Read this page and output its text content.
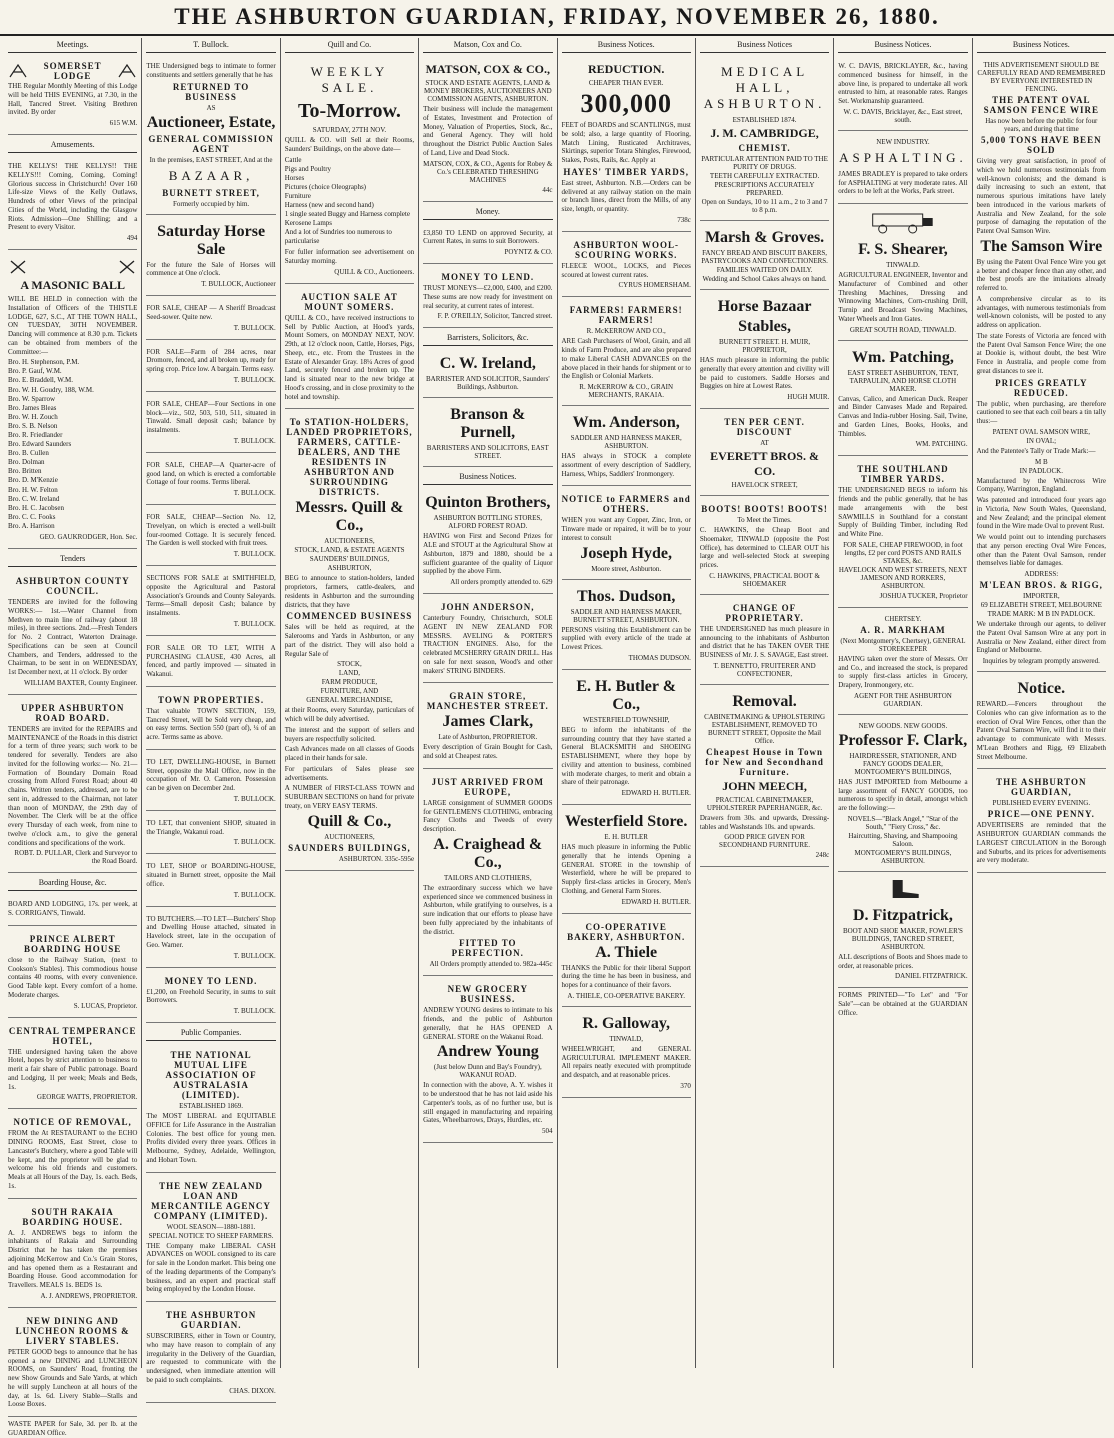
THE ASHBURTON GUARDIAN, FRIDAY, NOVEMBER 26, 1880.
Meetings.
SOMERSET LODGE
THE Regular Monthly Meeting of this Lodge will be held THIS EVENING, at 7.30, in the Hall, Tancred Street. Visiting Brethren invited. By order
615 W.M.
Amusements.
THE KELLYS! THE KELLYS!! THE KELLYS!!! Coming, Coming, Coming! Glorious success in Christchurch! Over 160 Life-size Views of the Kelly Outlaws, Hundreds of other Views of the principal Cities of the World, including the Glasgow Riots. Admission—One Shilling; and a Present to every Visitor.
494
A MASONIC BALL
WILL BE HELD in connection with the Installation of Officers of the THISTLE LODGE, 627, S.C., AT THE TOWN HALL, ON TUESDAY, 30TH NOVEMBER. Dancing will commence at 8.30 p.m. Tickets can be obtained from members of the Committee:—
Bro. H. Stephenson, P.M.
Bro. P. Gauf, W.M.
Bro. E. Braddell, W.M.
Bro. W. H. Goudry, 188, W.M.
Bro. W. Sparrow
Bro. James Bleas
Bro. W. H. Zouch
Bro. S. B. Nelson
Bro. R. Friedlander
Bro. Edward Saunders
Bro. B. Cullen
Bro. Dolman
Bro. Britten
Bro. D. M'Kenzie
Bro. H. W. Felton
Bro. C. W. Ireland
Bro. H. C. Jacobsen
Bro. C. C. Fooks
Bro. A. Harrison
GEO. GAUKRODGER, Hon. Sec.
Tenders
ASHBURTON COUNTY COUNCIL.
TENDERS are invited for the following WORKS:— 1st.—Water Channel from Methven to main line of railway (about 18 miles), in three sections. 2nd.—Fresh Tenders for No. 2 Contract, Waterton Drainage. Specifications can be seen at Council Chambers, and Tenders, addressed to the Chairman, to be sent in on WEDNESDAY, 1st December next, at 11 o'clock. By order
WILLIAM BAXTER, County Engineer.
UPPER ASHBURTON ROAD BOARD.
TENDERS are invited for the REPAIRS and MAINTENANCE of the Roads in this district for a term of three years; such work to be tendered for severally. Tenders are also invited for the following works:— No. 21—Formation of Boundary Domain Road crossing from Alford Forest Road; about 40 chains. Written tenders, addressed, are to be sent in, addressed to the Chairman, not later than noon of MONDAY, the 29th day of November. The Clerk will be at the office every Thursday of each week, from nine to twelve o'clock a.m., to give the general conditions and specifications of the work.
ROBT. D. PULLAR, Clerk and Surveyor to the Road Board.
Boarding House, &c.
BOARD AND LODGING, 17s. per week, at S. CORRIGAN'S, Tinwald.
PRINCE ALBERT BOARDING HOUSE
close to the Railway Station, (next to Cookson's Stables). This commodious house contains 40 rooms, with every convenience. Good Table kept. Every comfort of a home. Moderate charges.
S. LUCAS, Proprietor.
CENTRAL TEMPERANCE HOTEL,
THE undersigned having taken the above Hotel, hopes by strict attention to business to merit a fair share of Public patronage. Board and Lodging, 1l per week; Meals and Beds, 1s.
GEORGE WATTS, PROPRIETOR.
NOTICE OF REMOVAL,
FROM the At RESTAURANT to the ECHO DINING ROOMS, East Street, close to Lancaster's Butchery, where a good Table will be kept, and the proprietor will be glad to welcome his old friends and customers. Meals at all Hours of the Day, 1s. each. Beds, 1s.
SOUTH RAKAIA BOARDING HOUSE.
A. J. ANDREWS begs to inform the inhabitants of Rakaia and Surrounding District that he has taken the premises adjoining McKerrow and Co.'s Grain Stores, and has opened them as a Restaurant and Boarding House. Good accommodation for Travellers. MEALS 1s. BEDS 1s.
A. J. ANDREWS, PROPRIETOR.
NEW DINING AND LUNCHEON ROOMS & LIVERY STABLES.
PETER GOOD begs to announce that he has opened a new DINING and LUNCHEON ROOMS, on Saunders' Road, fronting the new Show Grounds and Sale Yards, at which he will supply Luncheon at all hours of the day, at 1s. 6d. Livery Stable—Stalls and Loose Boxes.
WASTE PAPER for Sale, 3d. per lb. at the GUARDIAN Office.
T. Bullock.
THE Undersigned begs to intimate to former constituents and settlers generally that he has
RETURNED TO BUSINESS
AS
Auctioneer, Estate,
GENERAL COMMISSION AGENT
In the premises, EAST STREET, And at the
BAZAAR,
BURNETT STREET,
Formerly occupied by him.
Saturday Horse Sale
For the future the Sale of Horses will commence at One o'clock.
T. BULLOCK, Auctioneer
FOR SALE, CHEAP — A Sheriff Broadcast Seed-sower. Quite new.
T. BULLOCK.
FOR SALE—Farm of 284 acres, near Dromore, fenced, and all broken up, ready for spring crop. Price low. A bargain. Terms easy.
T. BULLOCK.
FOR SALE, CHEAP—Four Sections in one block—viz., 502, 503, 510, 511, situated in Tinwald. Small deposit cash; balance by instalments.
T. BULLOCK.
FOR SALE, CHEAP—A Quarter-acre of good land, on which is erected a comfortable Cottage of four rooms. Terms liberal.
T. BULLOCK.
FOR SALE, CHEAP—Section No. 12, Trevelyan, on which is erected a well-built four-roomed Cottage. It is securely fenced. The Garden is well stocked with fruit trees.
T. BULLOCK.
SECTIONS FOR SALE at SMITHFIELD, opposite the Agricultural and Pastoral Association's Grounds and County Saleyards. Terms—Small deposit Cash; balance by instalments.
T. BULLOCK.
FOR SALE OR TO LET, WITH A PURCHASING CLAUSE, 430 Acres, all fenced, and partly improved — situated in Wakanui.
TOWN PROPERTIES.
That valuable TOWN SECTION, 159, Tancred Street, will be Sold very cheap, and on easy terms. Section 550 (part of), ¼ of an acre. Terms same as above.
TO LET, DWELLING-HOUSE, in Burnett Street, opposite the Mail Office, now in the occupation of Mr. O. Cameron. Possession can be given on December 2nd.
T. BULLOCK.
TO LET, that convenient SHOP, situated in the Triangle, Wakanui road.
T. BULLOCK.
TO LET, SHOP or BOARDING-HOUSE, situated in Burnett street, opposite the Mail office.
T. BULLOCK.
TO BUTCHERS.—TO LET—Butchers' Shop and Dwelling House attached, situated in Havelock street, late in the occupation of Geo. Warner.
T. BULLOCK.
MONEY TO LEND.
£1,200, on Freehold Security, in sums to suit Borrowers.
T. BULLOCK.
Public Companies.
THE NATIONAL MUTUAL LIFE ASSOCIATION OF AUSTRALASIA (LIMITED).
ESTABLISHED 1869.
The MOST LIBERAL and EQUITABLE OFFICE for Life Assurance in the Australian Colonies. The best office for young men. Profits divided every three years. Offices in Melbourne, Sydney, Adelaide, Wellington, and Hobart Town.
THE NEW ZEALAND LOAN AND MERCANTILE AGENCY COMPANY (LIMITED).
WOOL SEASON—1880-1881.
SPECIAL NOTICE TO SHEEP FARMERS.
THE Company make LIBERAL CASH ADVANCES on WOOL consigned to its care for sale in the London market. This being one of the leading departments of the Company's business, and an expert and practical staff being employed by the London House.
THE ASHBURTON GUARDIAN.
SUBSCRIBERS, either in Town or Country, who may have reason to complain of any irregularity in the Delivery of the Guardian, are requested to communicate with the undersigned, when immediate attention will be paid to such complaints.
CHAS. DIXON.
Quill and Co.
WEEKLY SALE.
To-Morrow.
SATURDAY, 27TH NOV.
QUILL & CO. will Sell at their Rooms, Saunders' Buildings, on the above date—
Cattle
Pigs and Poultry
Horses
Pictures (choice Oleographs)
Furniture
Harness (new and second hand)
1 single seated Buggy and Harness complete
Kerosene Lamps
And a lot of Sundries too numerous to particularise
For fuller information see advertisement on Saturday morning.
QUILL & CO., Auctioneers.
AUCTION SALE AT MOUNT SOMERS.
QUILL & CO., have received instructions to Sell by Public Auction, at Hood's yards, Mount Somers, on MONDAY NEXT, NOV. 29th, at 12 o'clock noon, Cattle, Horses, Pigs, Sheep, etc., etc. From the Trustees in the Estate of Alexander Gray. 18¼ Acres of good Land, securely fenced and broken up. The land is situated near to the new bridge at Hood's crossing, and in close proximity to the hotel and township.
To STATION-HOLDERS, LANDED PROPRIETORS, FARMERS, CATTLE-DEALERS, AND THE RESIDENTS IN ASHBURTON AND SURROUNDING DISTRICTS.
Messrs. Quill & Co.,
AUCTIONEERS,
STOCK, LAND, & ESTATE AGENTS
SAUNDERS' BUILDINGS,
ASHBURTON,
BEG to announce to station-holders, landed proprietors, farmers, cattle-dealers, and residents in Ashburton and the surrounding districts, that they have
COMMENCED BUSINESS
Sales will be held as required, at the Salerooms and Yards in Ashburton, or any part of the district. They will also hold a Regular Sale of
STOCK,
LAND,
FARM PRODUCE,
FURNITURE, AND
GENERAL MERCHANDISE,
at their Rooms, every Saturday, particulars of which will be duly advertised.
The interest and the support of sellers and buyers are respectfully solicited.
Cash Advances made on all classes of Goods placed in their hands for sale.
For particulars of Sales please see advertisements.
A NUMBER of FIRST-CLASS TOWN and SUBURBAN SECTIONS on hand for private treaty, on VERY EASY TERMS.
Quill & Co.,
AUCTIONEERS,
SAUNDERS BUILDINGS,
ASHBURTON. 335c-595e
Matson, Cox and Co.
MATSON, COX & CO.,
STOCK AND ESTATE AGENTS, LAND & MONEY BROKERS, AUCTIONEERS AND COMMISSION AGENTS, ASHBURTON.
Their business will include the management of Estates, Investment and Protection of Money, Valuation of Properties, Stock, &c., and General Agency. They will hold throughout the District Public Auction Sales of Land, Live and Dead Stock.
MATSON, COX, & CO., Agents for Robey & Co.'s CELEBRATED THRESHING MACHINES
44c
Money.
£3,850 TO LEND on approved Security, at Current Rates, in sums to suit Borrowers.
POYNTZ & CO.
MONEY TO LEND.
TRUST MONEYS—£2,000, £400, and £200. These sums are now ready for investment on real security, at current rates of interest.
F. P. O'REILLY, Solicitor, Tancred street.
Barristers, Solicitors, &c.
C. W. Ireland,
BARRISTER AND SOLICITOR, Saunders' Buildings, Ashburton.
Branson & Purnell,
BARRISTERS AND SOLICITORS, EAST STREET.
Business Notices.
Quinton Brothers,
ASHBURTON BOTTLING STORES, ALFORD FOREST ROAD.
HAVING won First and Second Prizes for ALE and STOUT at the Agricultural Show at Ashburton, 1879 and 1880, should be a sufficient guarantee of the quality of Liquor supplied by the above Firm.
All orders promptly attended to. 629
JOHN ANDERSON,
Canterbury Foundry, Christchurch, SOLE AGENT IN NEW ZEALAND FOR MESSRS. AVELING & PORTER'S TRACTION ENGINES. Also, for the celebrated MCSHERRY GRAIN DRILL. Has on sale for next season, Wood's and other makers' STRING BINDERS.
GRAIN STORE, MANCHESTER STREET.
James Clark,
Late of Ashburton, PROPRIETOR.
Every description of Grain Bought for Cash, and sold at Cheapest rates.
JUST ARRIVED FROM EUROPE,
LARGE consignment of SUMMER GOODS for GENTLEMEN'S CLOTHING, embracing Fancy Cloths and Tweeds of every description.
A. Craighead & Co.,
TAILORS AND CLOTHIERS,
The extraordinary success which we have experienced since we commenced business in Ashburton, while gratifying to ourselves, is a sure indication that our efforts to please have been fully appreciated by the inhabitants of the district.
FITTED TO PERFECTION.
All Orders promptly attended to. 982a-445c
NEW GROCERY BUSINESS.
ANDREW YOUNG desires to intimate to his friends, and the public of Ashburton generally, that he HAS OPENED A GENERAL STORE on the Wakanui Road.
Andrew Young
(Just below Dunn and Bay's Foundry), WAKANUI ROAD.
In connection with the above, A. Y. wishes it to be understood that he has not laid aside his Carpenter's tools, as of no further use, but is still engaged in manufacturing and repairing Gates, Wheelbarrows, Drays, Hurdles, etc.
504
Business Notices.
REDUCTION.
CHEAPER THAN EVER.
300,000
FEET of BOARDS and SCANTLINGS, must be sold; also, a large quantity of Flooring, Match Lining, Rusticated Architraves, Skirtings, superior Totara Shingles, Firewood, Stakes, Posts, Rails, &c. Apply at
HAYES' TIMBER YARDS,
East street, Ashburton. N.B.—Orders can be delivered at any railway station on the main or branch lines, direct from the Mills, of any size, length, or quantity.
738c
ASHBURTON WOOL-SCOURING WORKS.
FLEECE WOOL, LOCKS, and Pieces scoured at lowest current rates.
CYRUS HOMERSHAM.
FARMERS! FARMERS! FARMERS!
R. McKERROW AND CO.,
ARE Cash Purchasers of Wool, Grain, and all kinds of Farm Produce, and are also prepared to make Liberal CASH ADVANCES on the above placed in their hands for shipment or to the English or Colonial Markets.
R. McKERROW & CO., GRAIN MERCHANTS, RAKAIA.
Wm. Anderson,
SADDLER AND HARNESS MAKER, ASHBURTON.
HAS always in STOCK a complete assortment of every description of Saddlery, Harness, Whips, Saddlers' Ironmongery.
NOTICE to FARMERS and OTHERS.
WHEN you want any Copper, Zinc, Iron, or Tinware made or repaired, it will be to your interest to consult
Joseph Hyde,
Moore street, Ashburton.
Thos. Dudson,
SADDLER AND HARNESS MAKER, BURNETT STREET, ASHBURTON.
PERSONS visiting this Establishment can be supplied with every article of the trade at Lowest Prices.
THOMAS DUDSON.
E. H. Butler & Co.,
WESTERFIELD TOWNSHIP,
BEG to inform the inhabitants of the surrounding country that they have started a General BLACKSMITH and SHOEING ESTABLISHMENT, where they hope by civility and attention to business, combined with moderate charges, to merit and obtain a share of their patronage.
EDWARD H. BUTLER.
Westerfield Store.
E. H. BUTLER
HAS much pleasure in informing the Public generally that he intends Opening a GENERAL STORE in the township of Westerfield, where he will be prepared to Supply first-class articles in Grocery, Men's Clothing, and General Farm Stores.
EDWARD H. BUTLER.
CO-OPERATIVE BAKERY, ASHBURTON.
A. Thiele
THANKS the Public for their liberal Support during the time he has been in business, and hopes for a continuance of their favors.
A. THIELE, CO-OPERATIVE BAKERY.
R. Galloway,
TINWALD,
WHEELWRIGHT, and GENERAL AGRICULTURAL IMPLEMENT MAKER. All repairs neatly executed with promptitude and despatch, and at reasonable prices.
370
Business Notices
MEDICAL HALL, ASHBURTON.
ESTABLISHED 1874.
J. M. CAMBRIDGE,
CHEMIST.
PARTICULAR ATTENTION PAID TO THE PURITY OF DRUGS.
TEETH CAREFULLY EXTRACTED.
PRESCRIPTIONS ACCURATELY PREPARED.
Open on Sundays, 10 to 11 a.m., 2 to 3 and 7 to 8 p.m.
Marsh & Groves.
FANCY BREAD AND BISCUIT BAKERS, PASTRYCOOKS AND CONFECTIONERS.
FAMILIES WAITED ON DAILY.
Wedding and School Cakes always on hand.
Horse Bazaar
Stables,
BURNETT STREET. H. MUIR, PROPRIETOR,
HAS much pleasure in informing the public generally that every attention and civility will be paid to customers. Saddle Horses and Buggies on hire at Lowest Rates.
HUGH MUIR.
TEN PER CENT. DISCOUNT
AT
EVERETT BROS. & CO.
HAVELOCK STREET,
BOOTS! BOOTS! BOOTS!
To Meet the Times.
C. HAWKINS, the Cheap Boot and Shoemaker, TINWALD (opposite the Post Office), has determined to CLEAR OUT his large and well-selected Stock at sweeping prices.
C. HAWKINS, PRACTICAL BOOT & SHOEMAKER
CHANGE OF PROPRIETARY.
THE UNDERSIGNED has much pleasure in announcing to the inhabitants of Ashburton and district that he has TAKEN OVER THE BUSINESS of Mr. J. S. SAVAGE, East street.
T. BENNETTO, FRUITERER AND CONFECTIONER,
Removal.
CABINETMAKING & UPHOLSTERING ESTABLISHMENT, REMOVED TO BURNETT STREET, Opposite the Mail Office.
Cheapest House in Town for New and Secondhand Furniture.
JOHN MEECH,
PRACTICAL CABINETMAKER, UPHOLSTERER PAPERHANGER, &c.
Drawers from 30s. and upwards, Dressing-tables and Washstands 10s. and upwards.
GOOD PRICE GIVEN FOR SECONDHAND FURNITURE.
248c
Business Notices.
W. C. DAVIS, BRICKLAYER, &c., having commenced business for himself, in the above line, is prepared to undertake all work entrusted to him, at reasonable rates. Ranges Set. Workmanship guaranteed.
W. C. DAVIS, Bricklayer, &c., East street, south.
NEW INDUSTRY.
ASPHALTING.
JAMES BRADLEY is prepared to take orders for ASPHALTING at very moderate rates. All orders to be left at the Works, Park street.
F. S. Shearer,
TINWALD.
AGRICULTURAL ENGINEER, Inventor and Manufacturer of Combined and other Threshing Machines, Dressing and Winnowing Machines, Corn-crushing Drill, Turnip and Broadcast Sowing Machines, Water Wheels and Iron Gates.
GREAT SOUTH ROAD, TINWALD.
Wm. Patching,
EAST STREET ASHBURTON, TENT, TARPAULIN, AND HORSE CLOTH MAKER.
Canvas, Calico, and American Duck. Reaper and Binder Canvases Made and Repaired. Canvas and India-rubber Hosing. Sail, Twine, and Garden Lines, Books, Hooks, and Thimbles.
WM. PATCHING.
THE SOUTHLAND TIMBER YARDS.
THE UNDERSIGNED BEGS to inform his friends and the public generally, that he has made arrangements with the best SAWMILLS in Southland for a constant Supply of Building Timber, including Red and White Pine.
FOR SALE, CHEAP FIREWOOD, in foot lengths, £2 per cord POSTS AND RAILS STAKES, &c.
HAVELOCK AND WEST STREETS, NEXT JAMESON AND RORKERS, ASHBURTON.
JOSHUA TUCKER, Proprietor
CHERTSEY.
A. R. MARKHAM
(Next Montgomery's, Chertsey), GENERAL STOREKEEPER
HAVING taken over the store of Messrs. Orr and Co., and increased the stock, is prepared to supply first-class articles in Grocery, Drapery, Ironmongery, etc.
AGENT FOR THE ASHBURTON GUARDIAN.
NEW GOODS. NEW GOODS.
Professor F. Clark,
HAIRDRESSER, STATIONER, AND FANCY GOODS DEALER, MONTGOMERY'S BUILDINGS,
HAS JUST IMPORTED from Melbourne a large assortment of FANCY GOODS, too numerous to specify in detail, amongst which are the following:—
NOVELS—"Black Angel," "Star of the South," "Fiery Cross," &c.
Haircutting, Shaving, and Shampooing Saloon.
MONTGOMERY'S BUILDINGS, ASHBURTON.
D. Fitzpatrick,
BOOT AND SHOE MAKER, FOWLER'S BUILDINGS, TANCRED STREET, ASHBURTON.
ALL descriptions of Boots and Shoes made to order, at reasonable prices.
DANIEL FITZPATRICK.
FORMS PRINTED—"To Let" and "For Sale"—can be obtained at the GUARDIAN Office.
Business Notices.
THIS ADVERTISEMENT SHOULD BE CAREFULLY READ AND REMEMBERED BY EVERYONE INTERESTED IN FENCING.
THE PATENT OVAL SAMSON FENCE WIRE
Has now been before the public for four years, and during that time
5,000 TONS HAVE BEEN SOLD
Giving very great satisfaction, in proof of which we hold numerous testimonials from well-known colonists; and the demand is daily increasing to such an extent, that numerous spurious imitations have lately been introduced in the various markets of Australia and New Zealand, for the sole purpose of damaging the reputation of the Patent Oval Samson Wire.
The Samson Wire
By using the Patent Oval Fence Wire you get a better and cheaper fence than any other, and the best proofs are the imitations already referred to.
A comprehensive circular as to its advantages, with numerous testimonials from well-known colonists, will be posted to any address on application.
The state Forests of Victoria are fenced with the Patent Oval Samson Fence Wire; the one at Dookie is, without doubt, the best Wire Fence in Australia, and people come from great distances to see it.
PRICES GREATLY REDUCED.
The public, when purchasing, are therefore cautioned to see that each coil bears a tin tally thus:—
PATENT OVAL SAMSON WIRE,
IN OVAL;
And the Patentee's Tally or Trade Mark:—
M B
IN PADLOCK.
Manufactured by the Whitecross Wire Company, Warrington, England.
Was patented and introduced four years ago in Victoria, New South Wales, Queensland, and New Zealand; and the principal element found in the Wire made Oval to prevent Rust.
We would point out to intending purchasers that any person erecting Oval Wire Fences, other than the Patent Oval Samson, render themselves liable for damages.
ADDRESS:
M'LEAN BROS. & RIGG,
IMPORTER,
69 ELIZABETH STREET, MELBOURNE
TRADE MARK: M B IN PADLOCK.
We undertake through our agents, to deliver the Patent Oval Samson Wire at any port in Australia or New Zealand, either direct from England or Melbourne.
Inquiries by telegram promptly answered.
Notice.
REWARD.—Fencers throughout the Colonies who can give information as to the erection of Oval Wire Fences, other than the Patent Oval Samson Wire, will find it to their advantage to communicate with Messrs. M'Lean Brothers and Rigg, 69 Elizabeth Street Melbourne.
THE ASHBURTON GUARDIAN,
PUBLISHED EVERY EVENING.
PRICE—ONE PENNY.
ADVERTISERS are reminded that the ASHBURTON GUARDIAN commands the LARGEST CIRCULATION in the Borough and Suburbs, and its prices for advertisements are very moderate.
